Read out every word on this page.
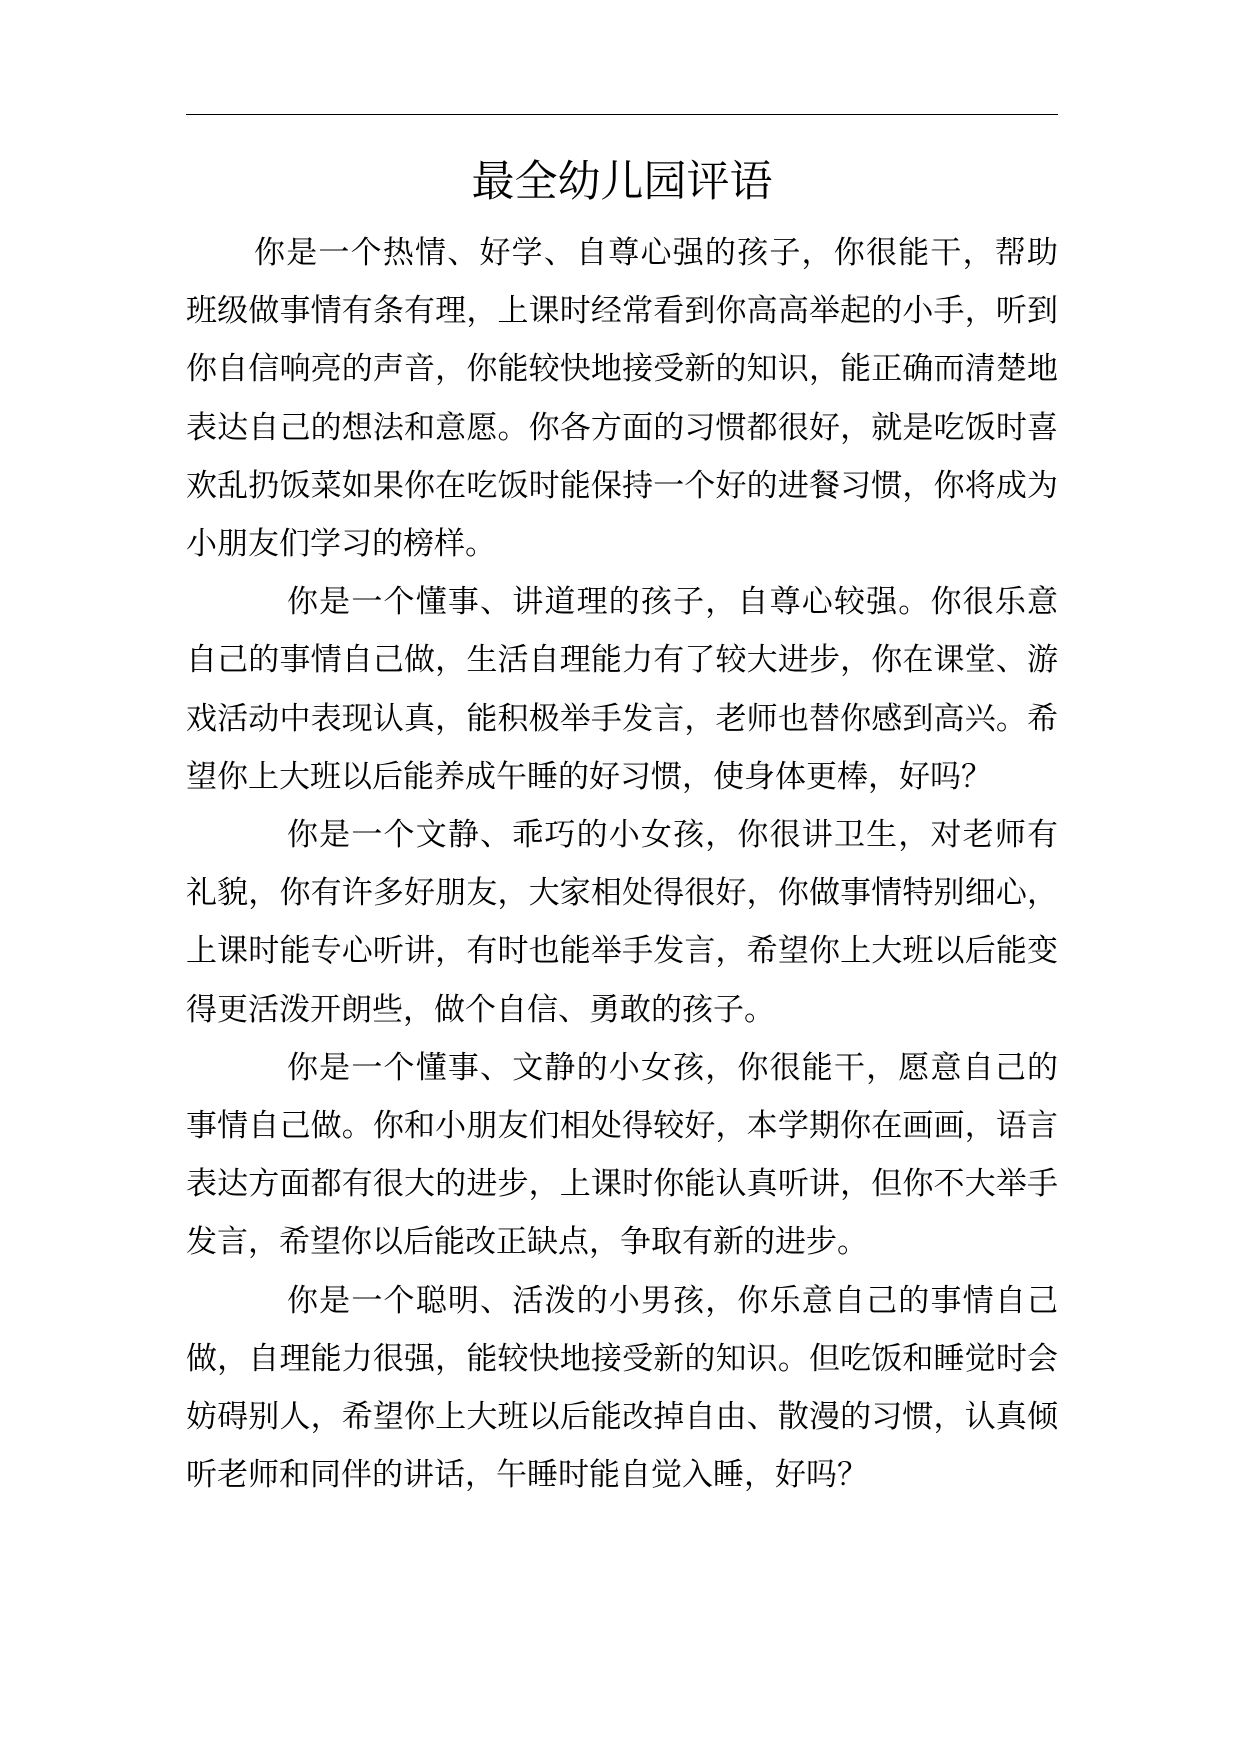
最全幼儿园评语

你是一个热情、好学、自尊心强的孩子，你很能干，帮助班级做事情有条有理，上课时经常看到你高高举起的小手，听到你自信响亮的声音，你能较快地接受新的知识，能正确而清楚地表达自己的想法和意愿。你各方面的习惯都很好，就是吃饭时喜欢乱扔饭菜如果你在吃饭时能保持一个好的进餐习惯，你将成为小朋友们学习的榜样。

你是一个懂事、讲道理的孩子，自尊心较强。你很乐意自己的事情自己做，生活自理能力有了较大进步，你在课堂、游戏活动中表现认真，能积极举手发言，老师也替你感到高兴。希望你上大班以后能养成午睡的好习惯，使身体更棒，好吗？

你是一个文静、乖巧的小女孩，你很讲卫生，对老师有礼貌，你有许多好朋友，大家相处得很好，你做事情特别细心，上课时能专心听讲，有时也能举手发言，希望你上大班以后能变得更活泼开朗些，做个自信、勇敢的孩子。

你是一个懂事、文静的小女孩，你很能干，愿意自己的事情自己做。你和小朋友们相处得较好，本学期你在画画，语言表达方面都有很大的进步，上课时你能认真听讲，但你不大举手发言，希望你以后能改正缺点，争取有新的进步。

你是一个聪明、活泼的小男孩，你乐意自己的事情自己做，自理能力很强，能较快地接受新的知识。但吃饭和睡觉时会妨碍别人，希望你上大班以后能改掉自由、散漫的习惯，认真倾听老师和同伴的讲话，午睡时能自觉入睡，好吗？
